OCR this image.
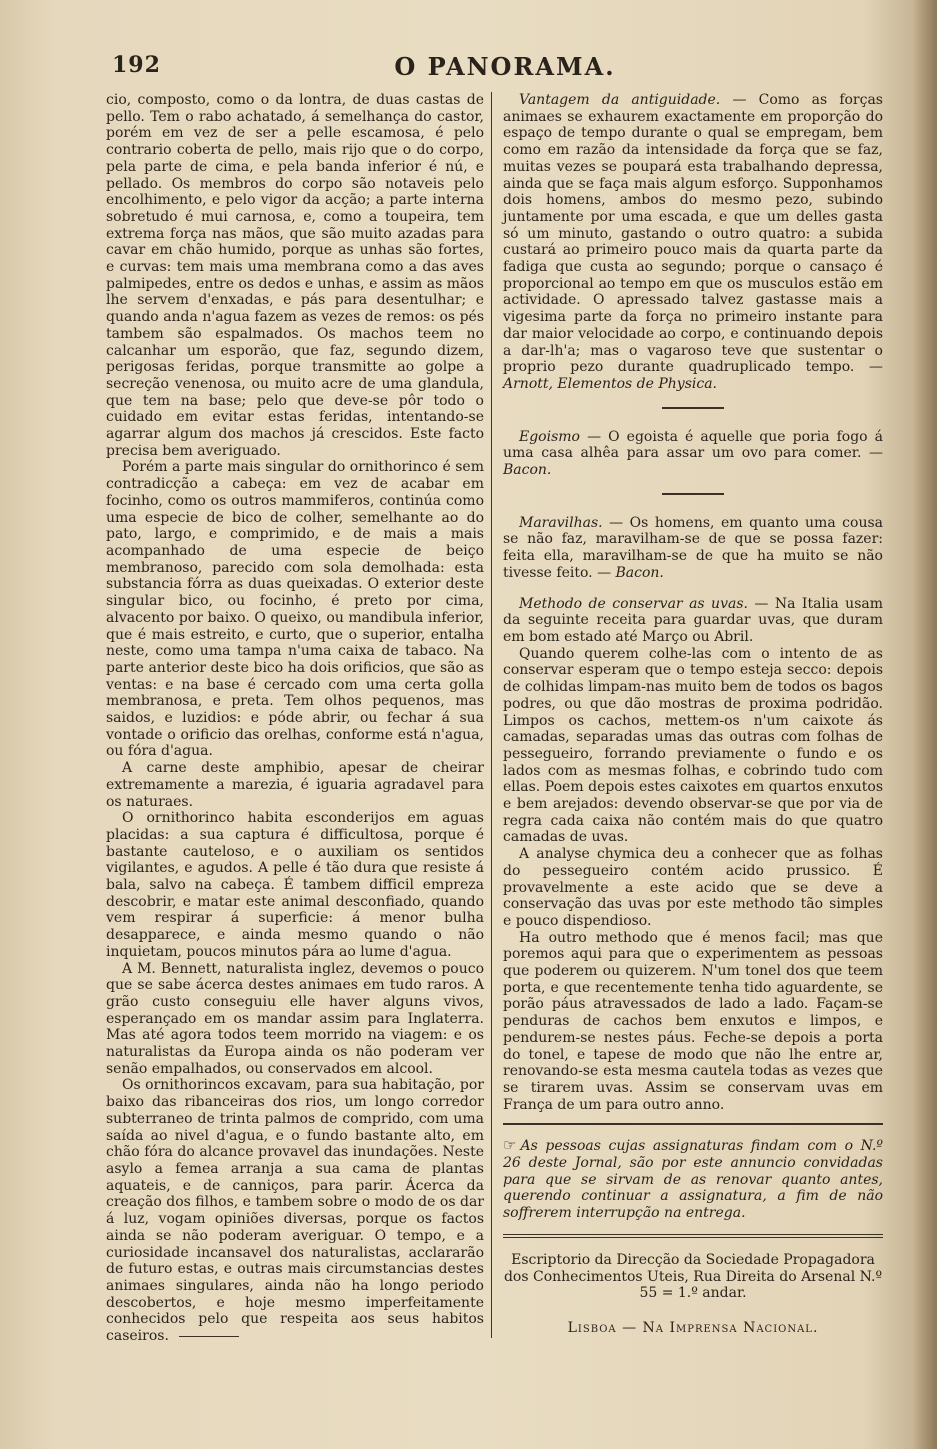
192	O PANORAMA.

cio, composto, como o da lontra, de duas castas de pello. Tem o rabo achatado, á semelhança do castor, porém em vez de ser a pelle escamosa, é pelo contrario coberta de pello, mais rijo que o do corpo, pela parte de cima, e pela banda inferior é nú, e pellado. Os membros do corpo são notaveis pelo encolhimento, e pelo vigor da acção; a parte interna sobretudo é mui carnosa, e, como a toupeira, tem extrema força nas mãos, que são muito azadas para cavar em chão humido, porque as unhas são fortes, e curvas: tem mais uma membrana como a das aves palmipedes, entre os dedos e unhas, e assim as mãos lhe servem d'enxadas, e pás para desentulhar; e quando anda n'agua fazem as vezes de remos: os pés tambem são espalmados. Os machos teem no calcanhar um esporão, que faz, segundo dizem, perigosas feridas, porque transmitte ao golpe a secreção venenosa, ou muito acre de uma glandula, que tem na base; pelo que deve-se pôr todo o cuidado em evitar estas feridas, intentando-se agarrar algum dos machos já crescidos. Este facto precisa bem averiguado.

Porém a parte mais singular do ornithorinco é sem contradicção a cabeça: em vez de acabar em focinho, como os outros mammiferos, continúa como uma especie de bico de colher, semelhante ao do pato, largo, e comprimido, e de mais a mais acompanhado de uma especie de beiço membranoso, parecido com sola demolhada: esta substancia fórra as duas queixadas. O exterior deste singular bico, ou focinho, é preto por cima, alvacento por baixo. O queixo, ou mandibula inferior, que é mais estreito, e curto, que o superior, entalha neste, como uma tampa n'uma caixa de tabaco. Na parte anterior deste bico ha dois orificios, que são as ventas: e na base é cercado com uma certa golla membranosa, e preta. Tem olhos pequenos, mas saidos, e luzidios: e póde abrir, ou fechar á sua vontade o orificio das orelhas, conforme está n'agua, ou fóra d'agua.

A carne deste amphibio, apesar de cheirar extremamente a marezia, é iguaria agradavel para os naturaes.

O ornithorinco habita esconderijos em aguas placidas: a sua captura é difficultosa, porque é bastante cauteloso, e o auxiliam os sentidos vigilantes, e agudos. A pelle é tão dura que resiste á bala, salvo na cabeça. É tambem difficil empreza descobrir, e matar este animal desconfiado, quando vem respirar á superficie: á menor bulha desapparece, e ainda mesmo quando o não inquietam, poucos minutos pára ao lume d'agua.

A M. Bennett, naturalista inglez, devemos o pouco que se sabe ácerca destes animaes em tudo raros. A grão custo conseguiu elle haver alguns vivos, esperançado em os mandar assim para Inglaterra. Mas até agora todos teem morrido na viagem: e os naturalistas da Europa ainda os não poderam ver senão empalhados, ou conservados em alcool.

Os ornithorincos excavam, para sua habitação, por baixo das ribanceiras dos rios, um longo corredor subterraneo de trinta palmos de comprido, com uma saída ao nivel d'agua, e o fundo bastante alto, em chão fóra do alcance provavel das inundações. Neste asylo a femea arranja a sua cama de plantas aquateis, e de canniços, para parir. Ácerca da creação dos filhos, e tambem sobre o modo de os dar á luz, vogam opiniões diversas, porque os factos ainda se não poderam averiguar. O tempo, e a curiosidade incansavel dos naturalistas, acclararão de futuro estas, e outras mais circumstancias destes animaes singulares, ainda não ha longo periodo descobertos, e hoje mesmo imperfeitamente conhecidos pelo que respeita aos seus habitos caseiros.

Vantagem da antiguidade. — Como as forças animaes se exhaurem exactamente em proporção do espaço de tempo durante o qual se empregam, bem como em razão da intensidade da força que se faz, muitas vezes se poupará esta trabalhando depressa, ainda que se faça mais algum esforço. Supponhamos dois homens, ambos do mesmo pezo, subindo juntamente por uma escada, e que um delles gasta só um minuto, gastando o outro quatro: a subida custará ao primeiro pouco mais da quarta parte da fadiga que custa ao segundo; porque o cansaço é proporcional ao tempo em que os musculos estão em actividade. O apressado talvez gastasse mais a vigesima parte da força no primeiro instante para dar maior velocidade ao corpo, e continuando depois a dar-lh'a; mas o vagaroso teve que sustentar o proprio pezo durante quadruplicado tempo. — Arnott, Elementos de Physica.

Egoismo — O egoista é aquelle que poria fogo á uma casa alhêa para assar um ovo para comer. — Bacon.

Maravilhas. — Os homens, em quanto uma cousa se não faz, maravilham-se de que se possa fazer: feita ella, maravilham-se de que ha muito se não tivesse feito. — Bacon.

Methodo de conservar as uvas. — Na Italia usam da seguinte receita para guardar uvas, que duram em bom estado até Março ou Abril.

Quando querem colhe-las com o intento de as conservar esperam que o tempo esteja secco: depois de colhidas limpam-nas muito bem de todos os bagos podres, ou que dão mostras de proxima podridão. Limpos os cachos, mettem-os n'um caixote ás camadas, separadas umas das outras com folhas de pessegueiro, forrando previamente o fundo e os lados com as mesmas folhas, e cobrindo tudo com ellas. Poem depois estes caixotes em quartos enxutos e bem arejados: devendo observar-se que por via de regra cada caixa não contém mais do que quatro camadas de uvas.

A analyse chymica deu a conhecer que as folhas do pessegueiro contém acido prussico. É provavelmente a este acido que se deve a conservação das uvas por este methodo tão simples e pouco dispendioso.

Ha outro methodo que é menos facil; mas que poremos aqui para que o experimentem as pessoas que poderem ou quizerem. N'um tonel dos que teem porta, e que recentemente tenha tido aguardente, se porão páus atravessados de lado a lado. Façam-se penduras de cachos bem enxutos e limpos, e pendurem-se nestes páus. Feche-se depois a porta do tonel, e tapese de modo que não lhe entre ar, renovando-se esta mesma cautela todas as vezes que se tirarem uvas. Assim se conservam uvas em França de um para outro anno.

☞ As pessoas cujas assignaturas findam com o N.º 26 deste Jornal, são por este annuncio convidadas para que se sirvam de as renovar quanto antes, querendo continuar a assignatura, a fim de não soffrerem interrupção na entrega.

Escriptorio da Direcção da Sociedade Propagadora dos Conhecimentos Uteis, Rua Direita do Arsenal N.º 55 = 1.º andar.

Lisboa — Na Imprensa Nacional.
